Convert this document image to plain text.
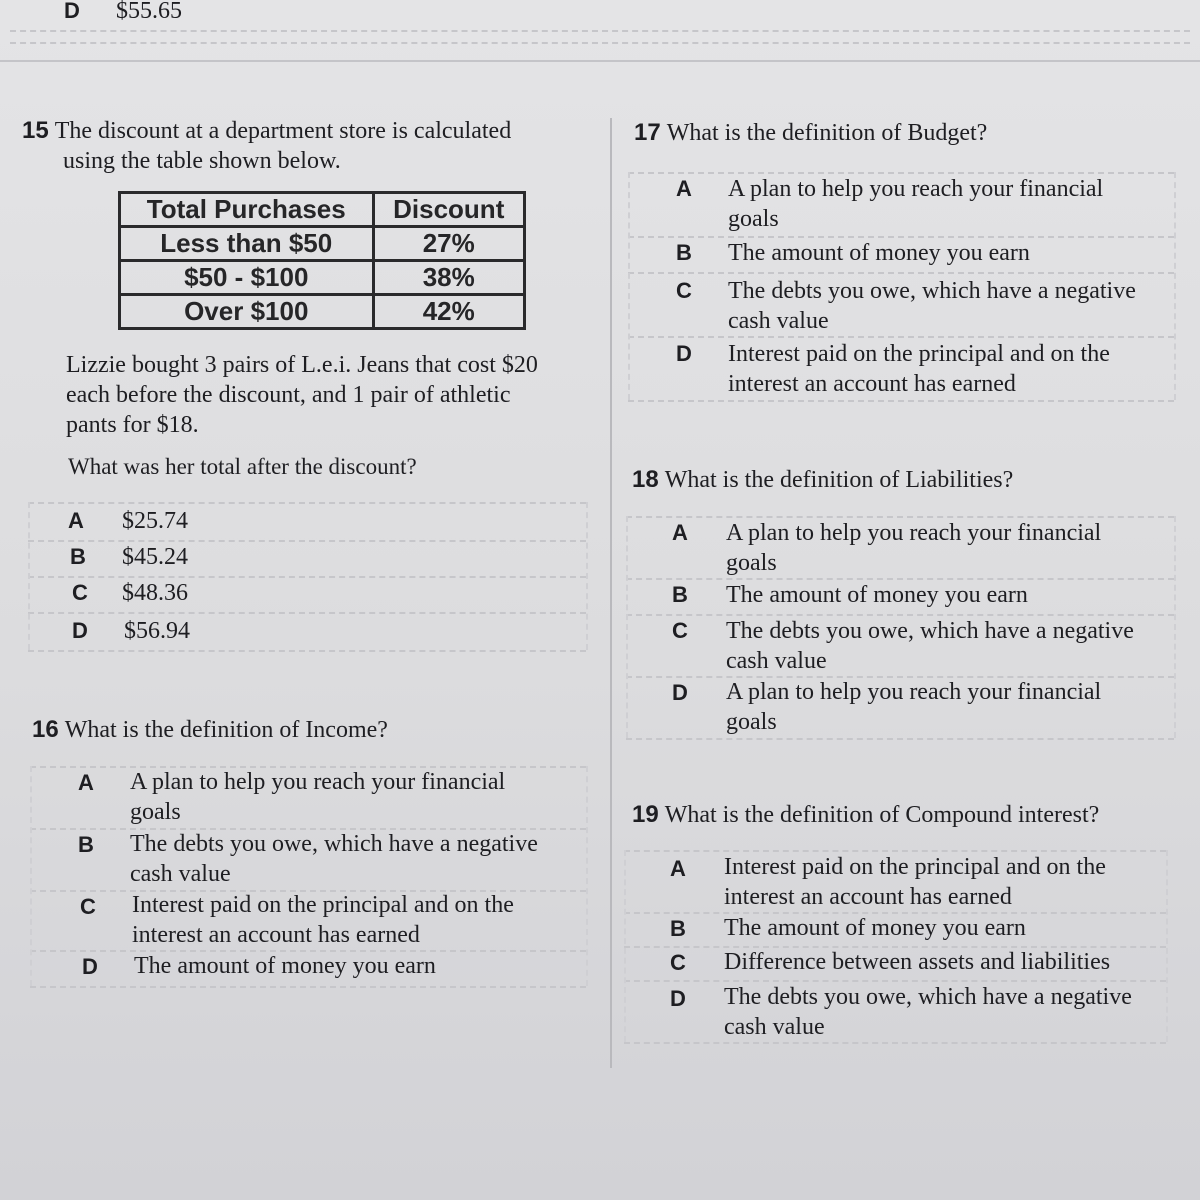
D $55.65
15 The discount at a department store is calculated
using the table shown below.
Total Purchases	Discount
Less than $50	27%
$50 - $100	38%
Over $100	42%
Lizzie bought 3 pairs of L.e.i. Jeans that cost $20
each before the discount, and 1 pair of athletic
pants for $18.
What was her total after the discount?
A $25.74
B $45.24
C $48.36
D $56.94
16 What is the definition of Income?
A A plan to help you reach your financial
goals
B The debts you owe, which have a negative
cash value
C Interest paid on the principal and on the
interest an account has earned
D The amount of money you earn
17 What is the definition of Budget?
A A plan to help you reach your financial
goals
B The amount of money you earn
C The debts you owe, which have a negative
cash value
D Interest paid on the principal and on the
interest an account has earned
18 What is the definition of Liabilities?
A A plan to help you reach your financial
goals
B The amount of money you earn
C The debts you owe, which have a negative
cash value
D A plan to help you reach your financial
goals
19 What is the definition of Compound interest?
A Interest paid on the principal and on the
interest an account has earned
B The amount of money you earn
C Difference between assets and liabilities
D The debts you owe, which have a negative
cash value
